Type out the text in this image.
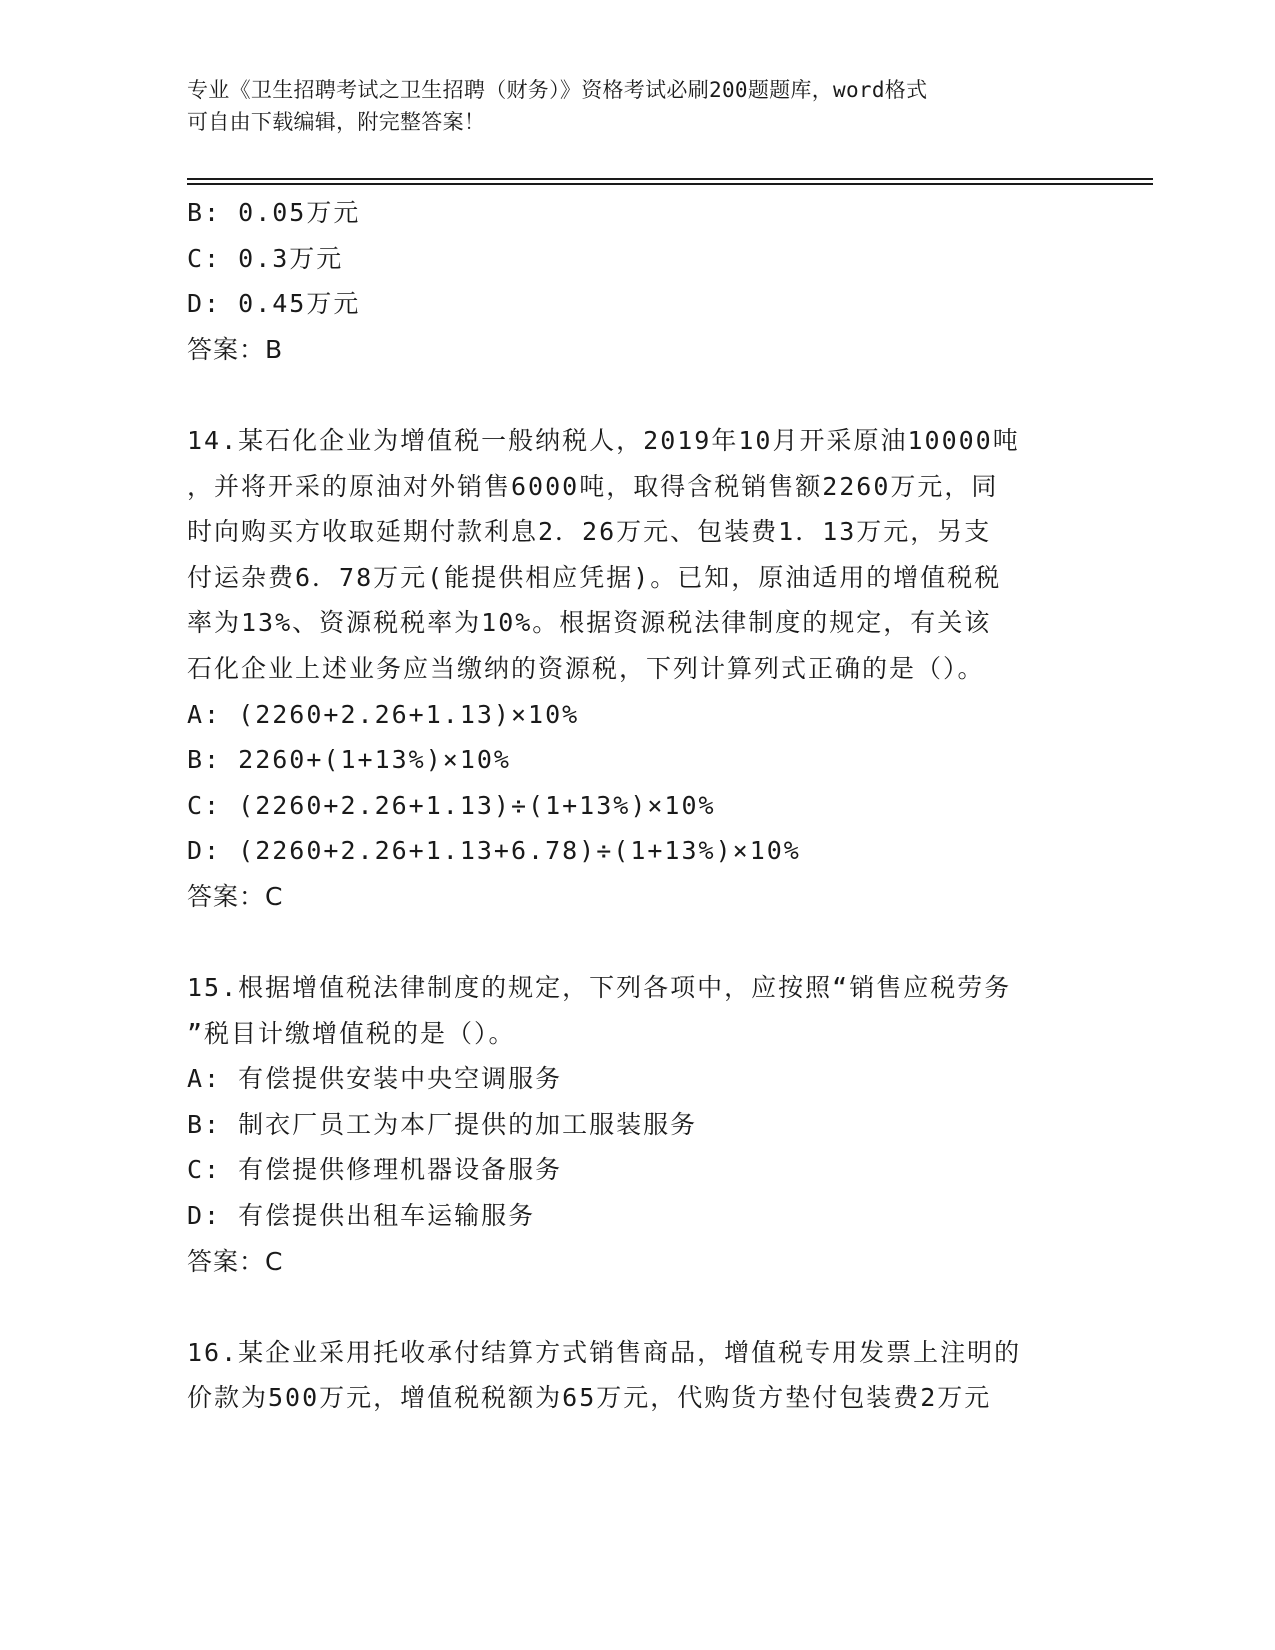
专业《卫生招聘考试之卫生招聘（财务）》资格考试必刷200题题库，word格式
可自由下载编辑，附完整答案！
B: 0.05万元
C: 0.3万元
D: 0.45万元
答案：B
14.某石化企业为增值税一般纳税人，2019年10月开采原油10000吨
，并将开采的原油对外销售6000吨，取得含税销售额2260万元，同
时向购买方收取延期付款利息2．26万元、包装费1．13万元，另支
付运杂费6．78万元(能提供相应凭据)。已知，原油适用的增值税税
率为13%、资源税税率为10%。根据资源税法律制度的规定，有关该
石化企业上述业务应当缴纳的资源税，下列计算列式正确的是（）。
A: (2260+2.26+1.13)×10%
B: 2260+(1+13%)×10%
C: (2260+2.26+1.13)÷(1+13%)×10%
D: (2260+2.26+1.13+6.78)÷(1+13%)×10%
答案：C
15.根据增值税法律制度的规定，下列各项中，应按照“销售应税劳务
”税目计缴增值税的是（）。
A: 有偿提供安装中央空调服务
B: 制衣厂员工为本厂提供的加工服装服务
C: 有偿提供修理机器设备服务
D: 有偿提供出租车运输服务
答案：C
16.某企业采用托收承付结算方式销售商品，增值税专用发票上注明的
价款为500万元，增值税税额为65万元，代购货方垫付包装费2万元
